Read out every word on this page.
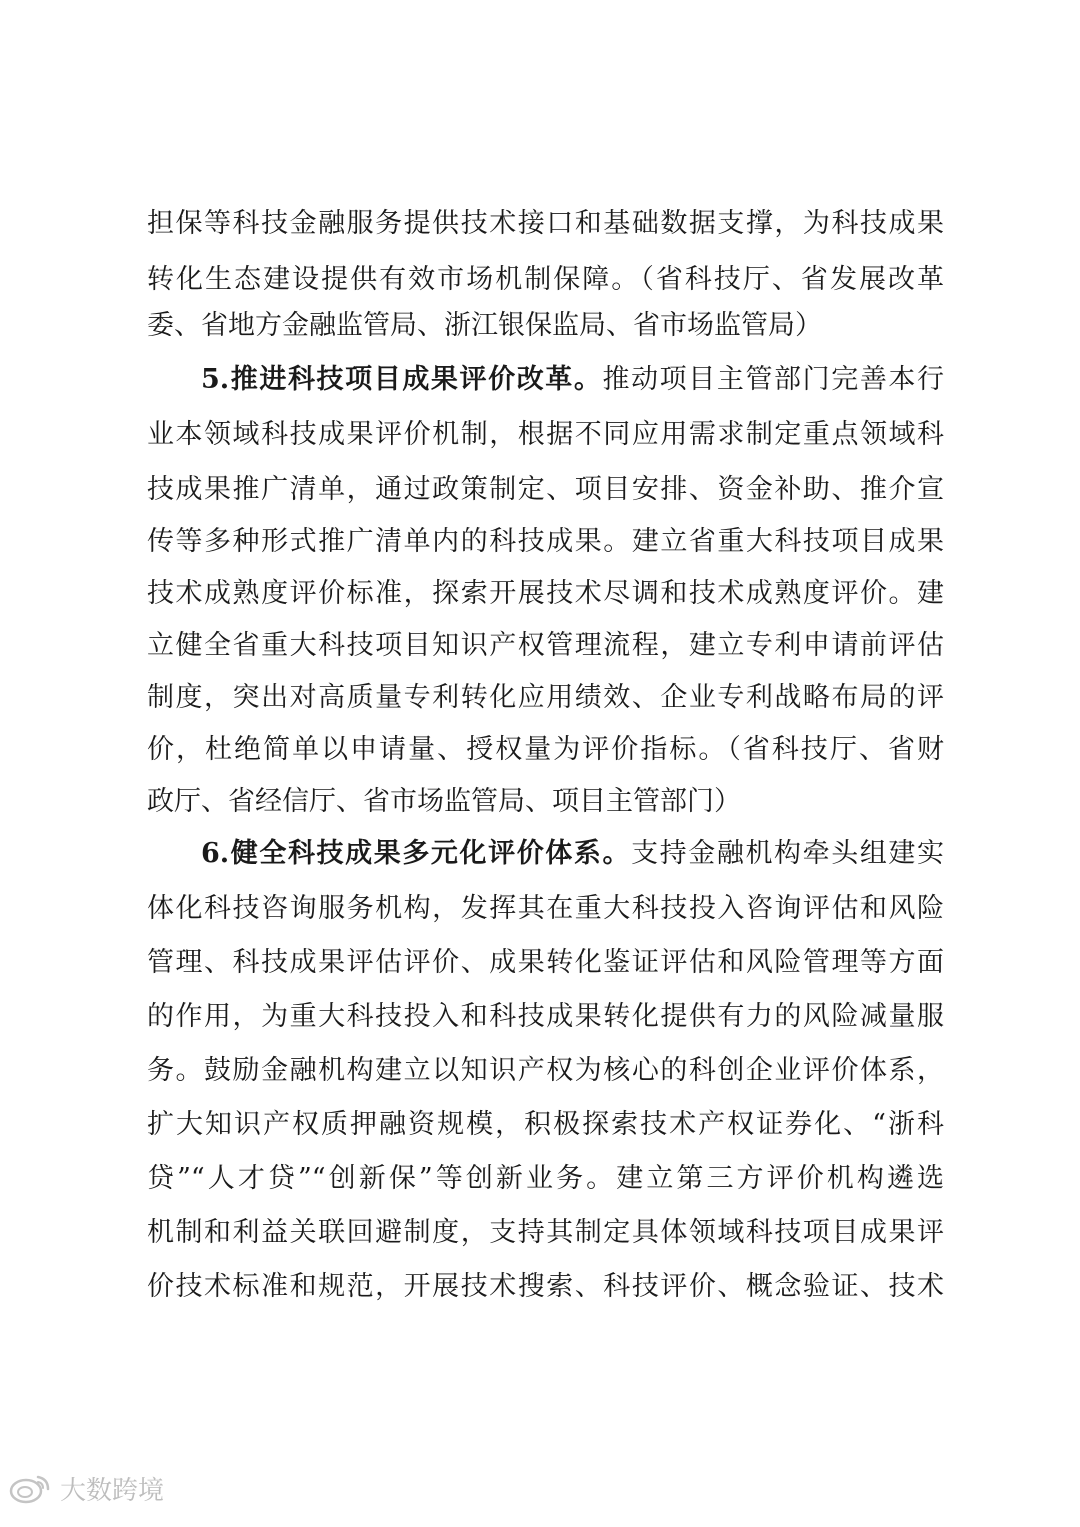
担保等科技金融服务提供技术接口和基础数据支撑，为科技成果
转化生态建设提供有效市场机制保障。（省科技厅、省发展改革
委、省地方金融监管局、浙江银保监局、省市场监管局）
5.推进科技项目成果评价改革。推动项目主管部门完善本行
业本领域科技成果评价机制，根据不同应用需求制定重点领域科
技成果推广清单，通过政策制定、项目安排、资金补助、推介宣
传等多种形式推广清单内的科技成果。建立省重大科技项目成果
技术成熟度评价标准，探索开展技术尽调和技术成熟度评价。建
立健全省重大科技项目知识产权管理流程，建立专利申请前评估
制度，突出对高质量专利转化应用绩效、企业专利战略布局的评
价，杜绝简单以申请量、授权量为评价指标。（省科技厅、省财
政厅、省经信厅、省市场监管局、项目主管部门）
6.健全科技成果多元化评价体系。支持金融机构牵头组建实
体化科技咨询服务机构，发挥其在重大科技投入咨询评估和风险
管理、科技成果评估评价、成果转化鉴证评估和风险管理等方面
的作用，为重大科技投入和科技成果转化提供有力的风险减量服
务。鼓励金融机构建立以知识产权为核心的科创企业评价体系，
扩大知识产权质押融资规模，积极探索技术产权证券化、“浙科
贷”“人才贷”“创新保”等创新业务。建立第三方评价机构遴选
机制和利益关联回避制度，支持其制定具体领域科技项目成果评
价技术标准和规范，开展技术搜索、科技评价、概念验证、技术
大数跨境
